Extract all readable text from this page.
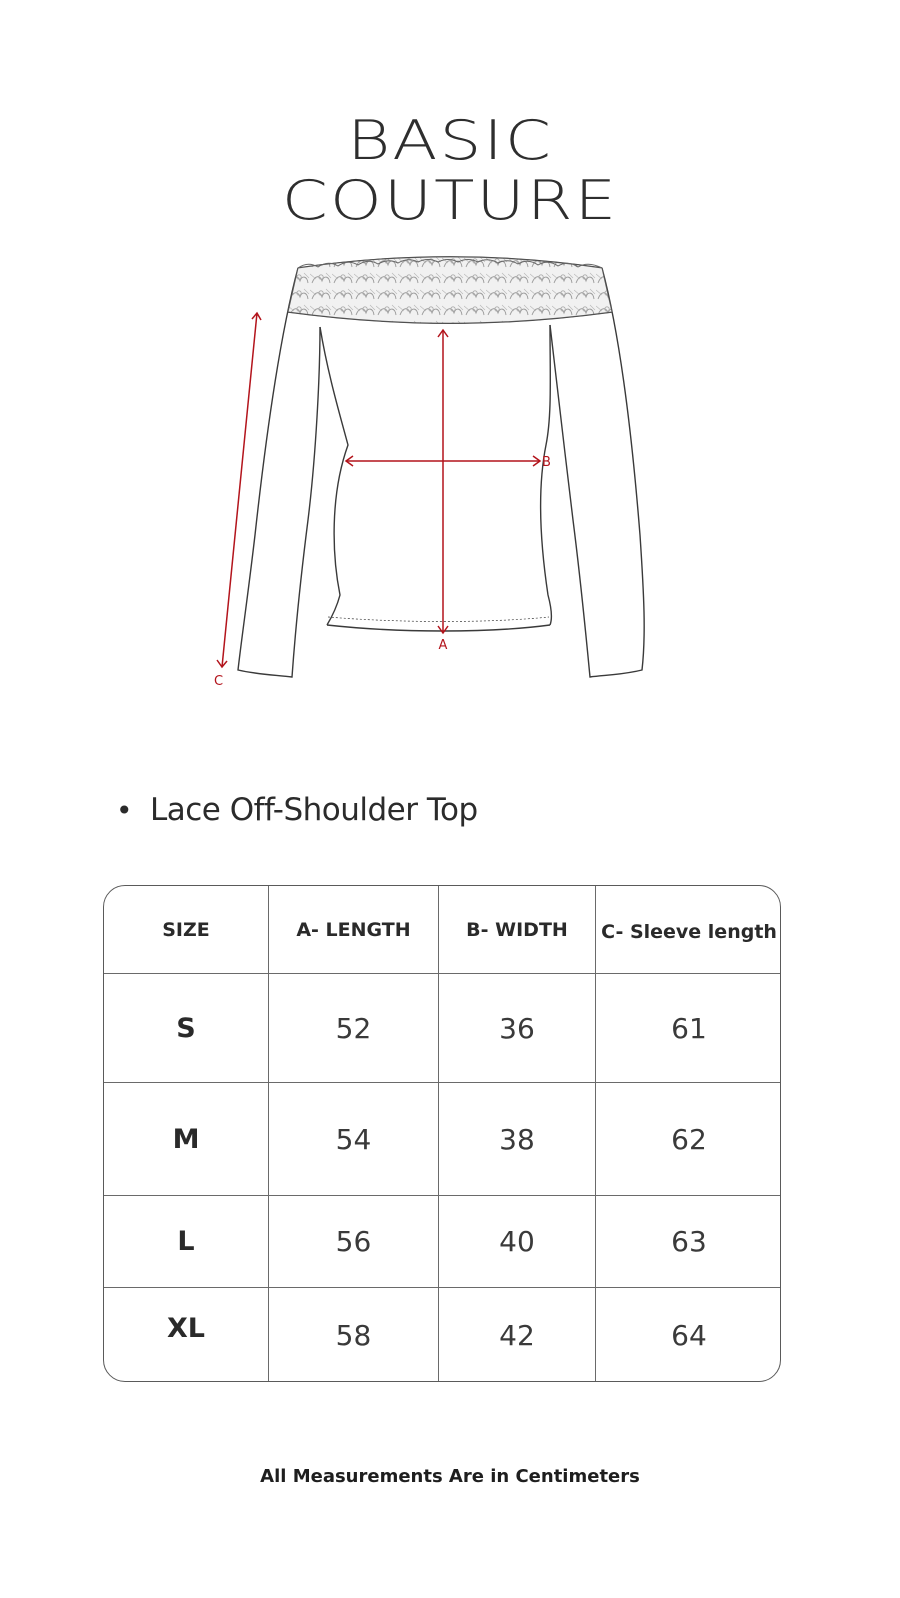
BASIC
COUTURE
A
B
C
• Lace Off-Shoulder Top
SIZE	A- LENGTH	B- WIDTH	C- Sleeve length
S	52	36	61
M	54	38	62
L	56	40	63
XL	58	42	64
All Measurements Are in Centimeters
